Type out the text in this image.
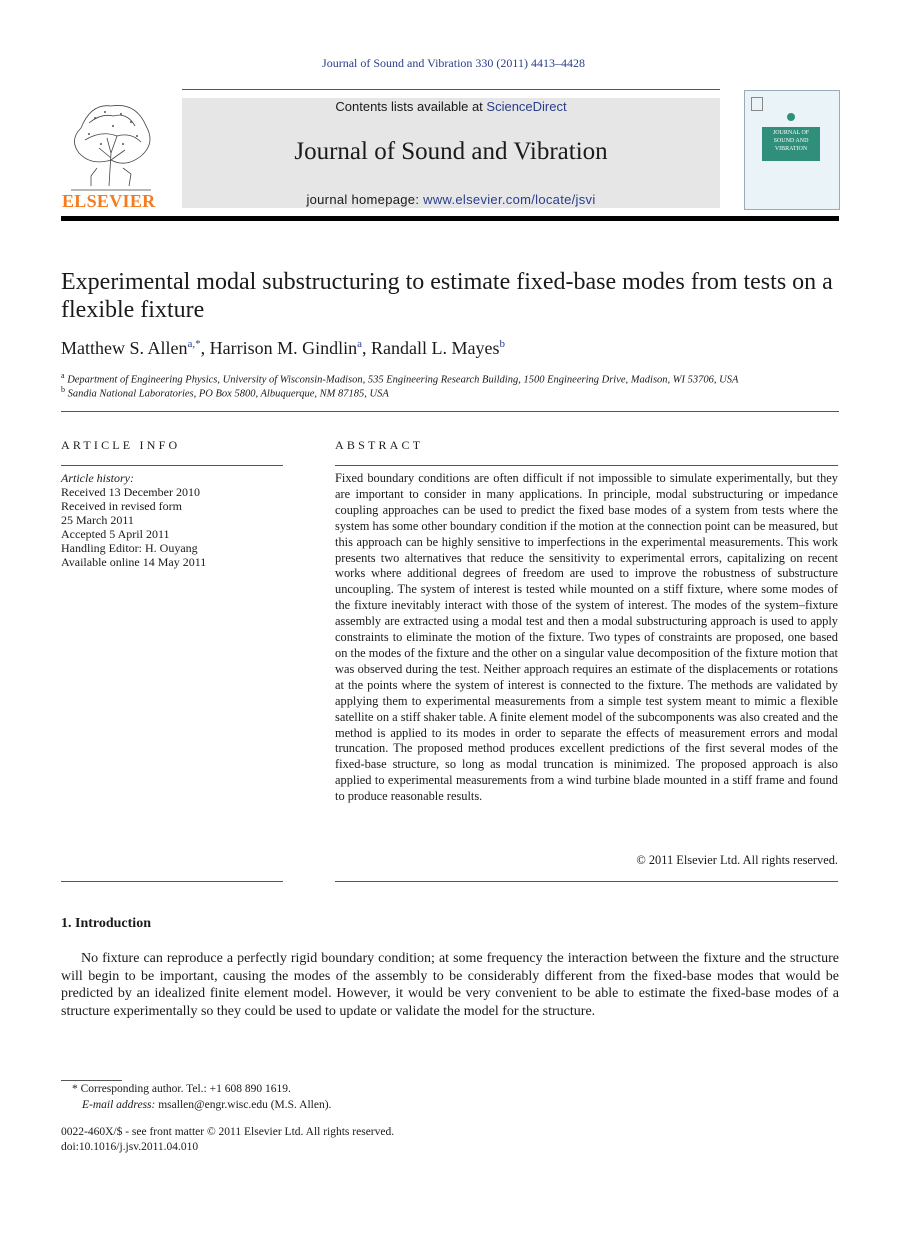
Journal of Sound and Vibration 330 (2011) 4413–4428
ELSEVIER
Contents lists available at ScienceDirect
Journal of Sound and Vibration
journal homepage: www.elsevier.com/locate/jsvi
JOURNAL OF SOUND AND VIBRATION
Experimental modal substructuring to estimate fixed-base modes from tests on a flexible fixture
Matthew S. Allen$^{a,*}$, Harrison M. Gindlin$^a$, Randall L. Mayes$^b$
$^a$ Department of Engineering Physics, University of Wisconsin-Madison, 535 Engineering Research Building, 1500 Engineering Drive, Madison, WI 53706, USA
$^b$ Sandia National Laboratories, PO Box 5800, Albuquerque, NM 87185, USA
ARTICLE INFO
Article history:
Received 13 December 2010
Received in revised form
25 March 2011
Accepted 5 April 2011
Handling Editor: H. Ouyang
Available online 14 May 2011
ABSTRACT
Fixed boundary conditions are often difficult if not impossible to simulate experimentally, but they are important to consider in many applications. In principle, modal substructuring or impedance coupling approaches can be used to predict the fixed base modes of a system from tests where the system has some other boundary condition if the motion at the connection point can be measured, but this approach can be highly sensitive to imperfections in the experimental measurements. This work presents two alternatives that reduce the sensitivity to experimental errors, capitalizing on recent works where additional degrees of freedom are used to improve the robustness of substructure uncoupling. The system of interest is tested while mounted on a stiff fixture, where some modes of the fixture inevitably interact with those of the system of interest. The modes of the system–fixture assembly are extracted using a modal test and then a modal substructuring approach is used to apply constraints to eliminate the motion of the fixture. Two types of constraints are proposed, one based on the modes of the fixture and the other on a singular value decomposition of the fixture motion that was observed during the test. Neither approach requires an estimate of the displacements or rotations at the points where the system of interest is connected to the fixture. The methods are validated by applying them to experimental measurements from a simple test system meant to mimic a flexible satellite on a stiff shaker table. A finite element model of the subcomponents was also created and the method is applied to its modes in order to separate the effects of measurement errors and modal truncation. The proposed method produces excellent predictions of the first several modes of the fixed-base structure, so long as modal truncation is minimized. The proposed approach is also applied to experimental measurements from a wind turbine blade mounted in a stiff frame and found to produce reasonable results.
© 2011 Elsevier Ltd. All rights reserved.
1. Introduction
No fixture can reproduce a perfectly rigid boundary condition; at some frequency the interaction between the fixture and the structure will begin to be important, causing the modes of the assembly to be considerably different from the fixed-base modes that would be predicted by an idealized finite element model. However, it would be very convenient to be able to estimate the fixed-base modes of a structure experimentally so they could be used to update or validate the model for the structure.
* Corresponding author. Tel.: +1 608 890 1619.
E-mail address: msallen@engr.wisc.edu (M.S. Allen).
0022-460X/$ - see front matter © 2011 Elsevier Ltd. All rights reserved.
doi:10.1016/j.jsv.2011.04.010
